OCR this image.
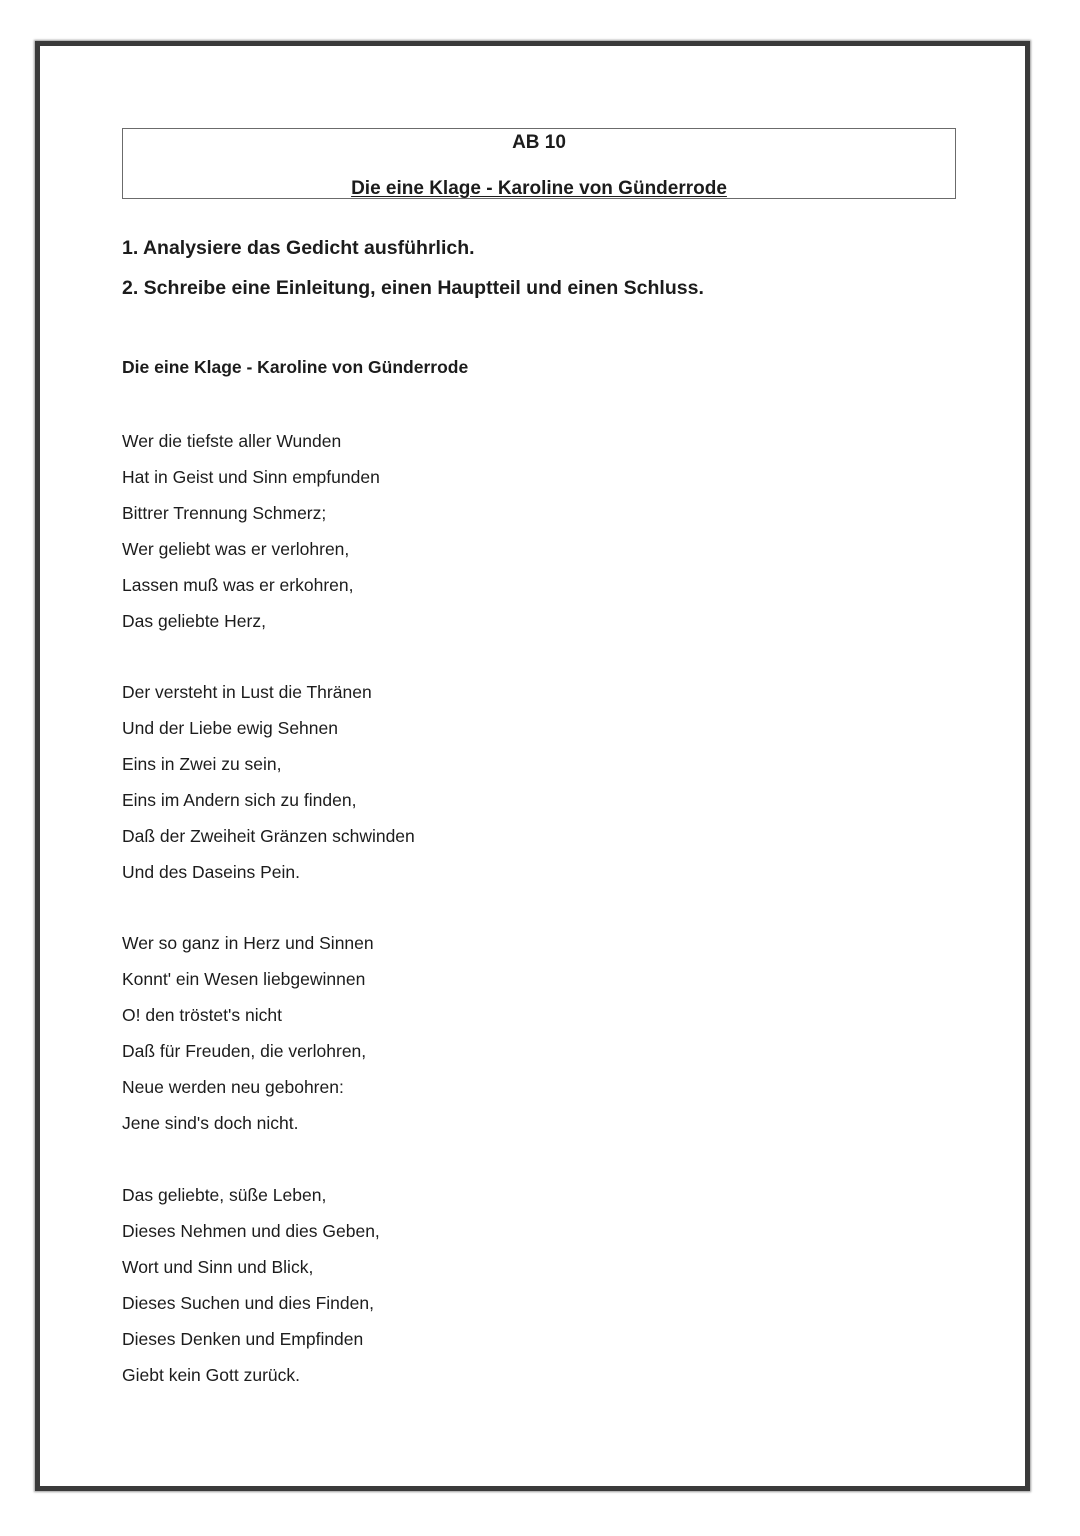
AB 10
Die eine Klage - Karoline von Günderrode
1. Analysiere das Gedicht ausführlich.
2. Schreibe eine Einleitung, einen Hauptteil und einen Schluss.
Die eine Klage - Karoline von Günderrode
Wer die tiefste aller Wunden
Hat in Geist und Sinn empfunden
Bittrer Trennung Schmerz;
Wer geliebt was er verlohren,
Lassen muß was er erkohren,
Das geliebte Herz,
Der versteht in Lust die Thränen
Und der Liebe ewig Sehnen
Eins in Zwei zu sein,
Eins im Andern sich zu finden,
Daß der Zweiheit Gränzen schwinden
Und des Daseins Pein.
Wer so ganz in Herz und Sinnen
Konnt' ein Wesen liebgewinnen
O! den tröstet's nicht
Daß für Freuden, die verlohren,
Neue werden neu gebohren:
Jene sind's doch nicht.
Das geliebte, süße Leben,
Dieses Nehmen und dies Geben,
Wort und Sinn und Blick,
Dieses Suchen und dies Finden,
Dieses Denken und Empfinden
Giebt kein Gott zurück.
